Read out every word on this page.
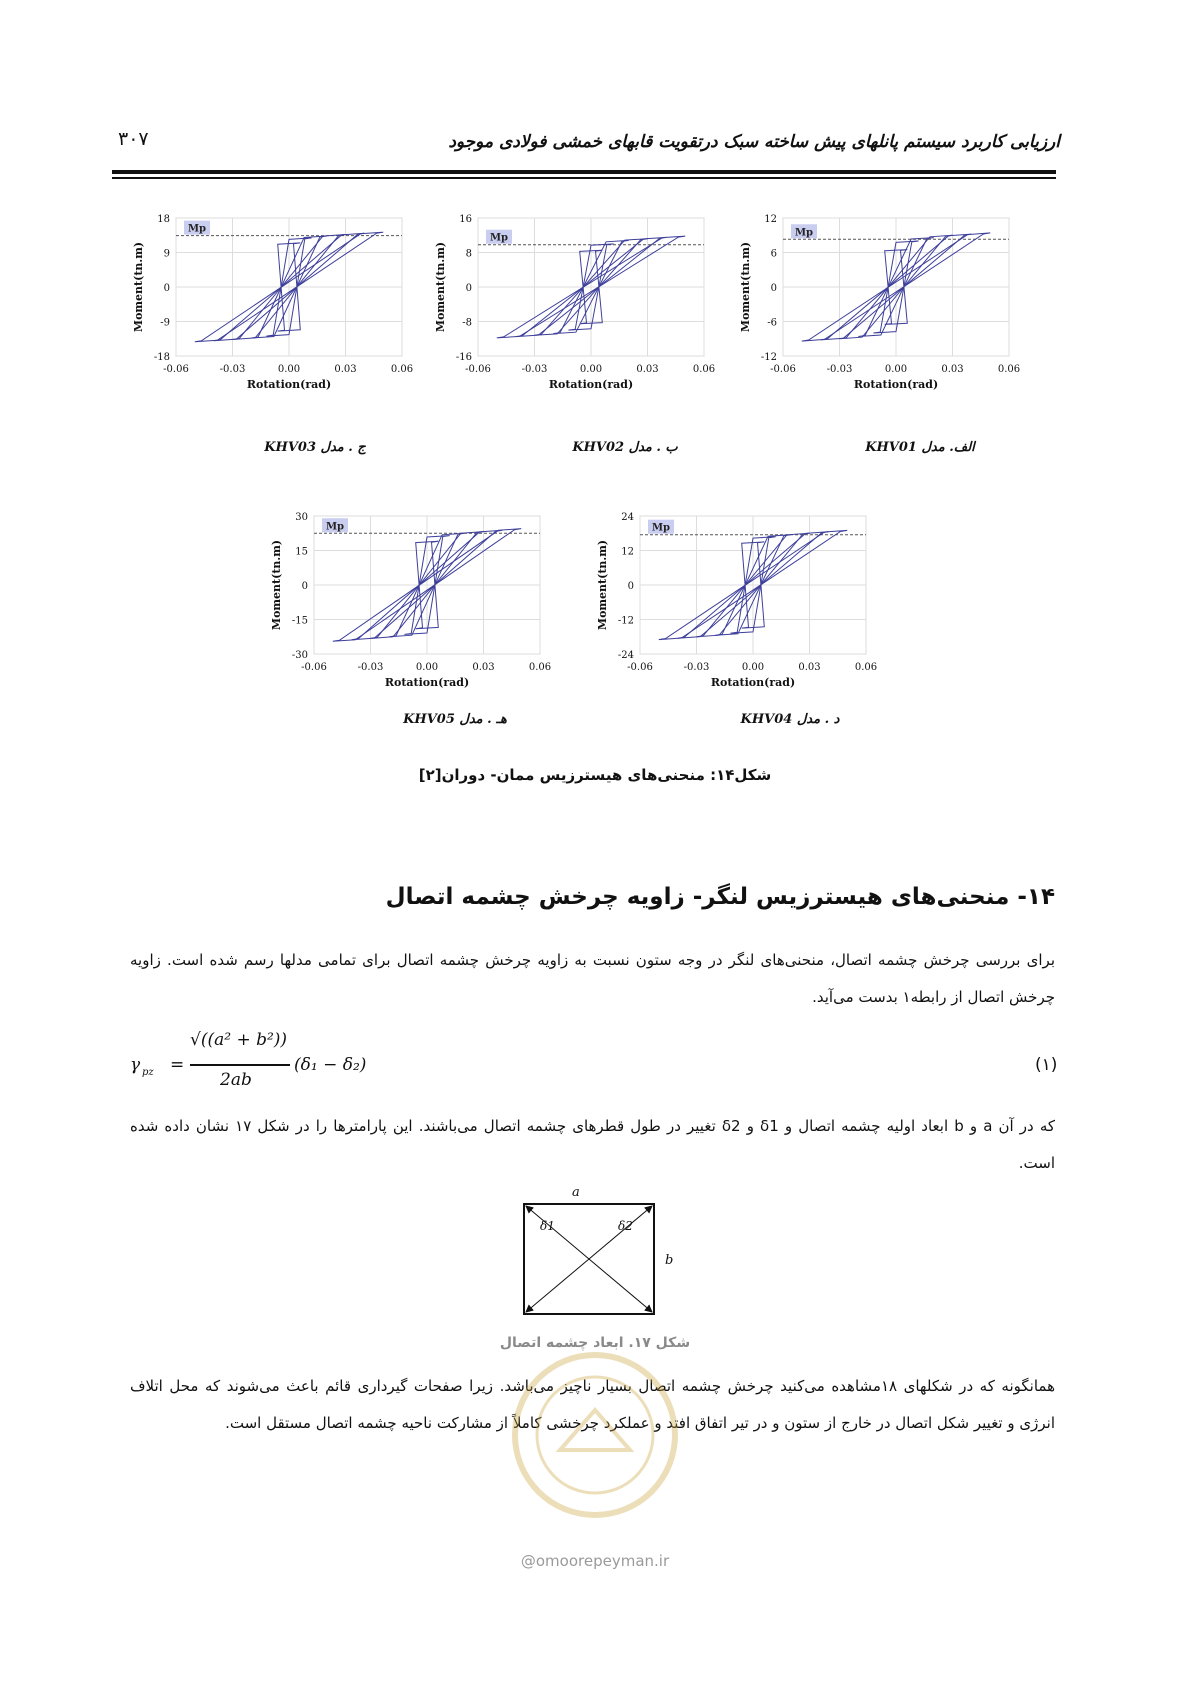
ارزیابی کاربرد سیستم پانلهای پیش ساخته سبک درتقویت قابهای خمشی فولادی موجود
۳۰۷
18
9
0
-9
-18
-0.06	-0.03	0.00	0.03	0.06
Rotation(rad)
Moment(tn.m)
Mp
16
8
0
-8
-16
-0.06	-0.03	0.00	0.03	0.06
Rotation(rad)
Moment(tn.m)
Mp
12
6
0
-6
-12
-0.06	-0.03	0.00	0.03	0.06
Rotation(rad)
Moment(tn.m)
Mp
30
15
0
-15
-30
-0.06	-0.03	0.00	0.03	0.06
Rotation(rad)
Moment(tn.m)
Mp
24
12
0
-12
-24
-0.06	-0.03	0.00	0.03	0.06
Rotation(rad)
Moment(tn.m)
Mp
ج . مدل KHV03	ب . مدل KHV02	الف. مدل KHV01
هـ . مدل KHV05	د . مدل KHV04
شکل۱۴: منحنی‌های هیسترزیس ممان- دوران[۲]
۱۴- منحنی‌های هیسترزیس لنگر- زاویه چرخش چشمه اتصال
برای بررسی چرخش چشمه اتصال، منحنی‌های لنگر در وجه ستون نسبت به زاویه چرخش چشمه اتصال برای تمامی مدلها رسم شده است. زاویه چرخش اتصال از رابطه۱ بدست می‌آید.
γ pz =
√((a² + b²))
2ab
(δ₁ − δ₂)	(۱)
که در آن a و b ابعاد اولیه چشمه اتصال و δ1 و δ2 تغییر در طول قطرهای چشمه اتصال می‌باشند. این پارامترها را در شکل ۱۷ نشان داده شده است.
a
b
δ1	δ2
شکل ۱۷. ابعاد چشمه اتصال
همانگونه که در شکلهای ۱۸مشاهده می‌کنید چرخش چشمه اتصال بسیار ناچیز می‌باشد. زیرا صفحات گیرداری قائم باعث می‌شوند که محل اتلاف انرژی و تغییر شکل اتصال در خارج از ستون و در تیر اتفاق افتد و عملکرد چرخشی کاملاً از مشارکت ناحیه چشمه اتصال مستقل است.
@omoorepeyman.ir
